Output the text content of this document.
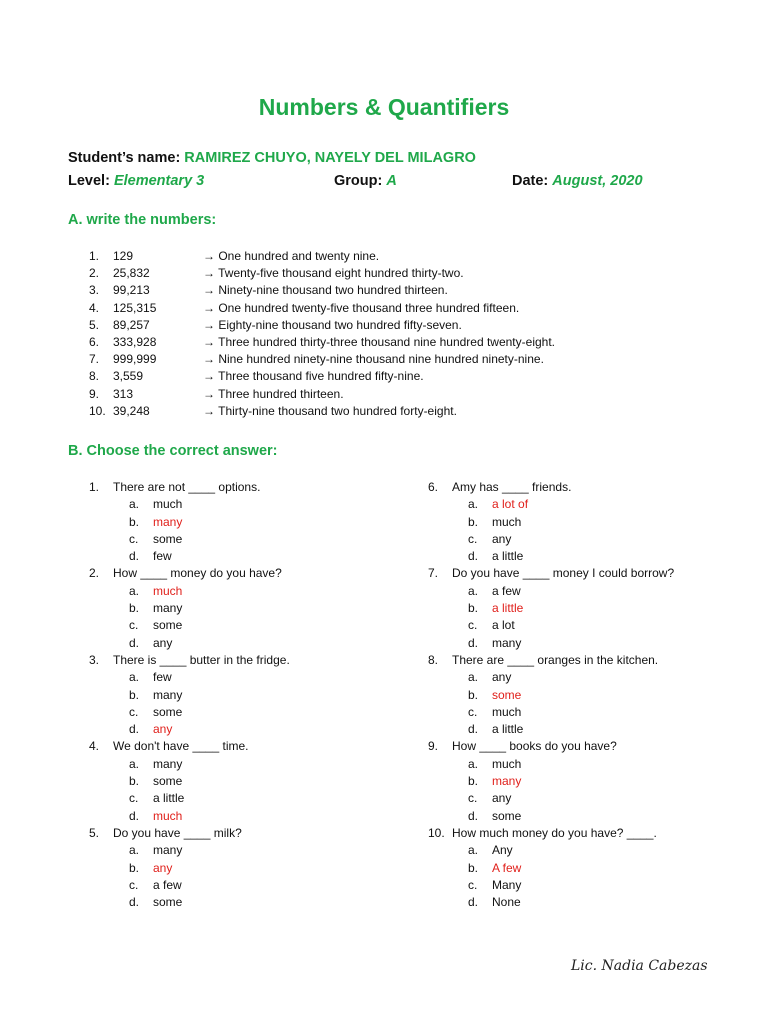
Numbers & Quantifiers
Student’s name: RAMIREZ CHUYO, NAYELY DEL MILAGRO
Level: Elementary 3	Group: A	Date: August, 2020
A. write the numbers:
1. 129	→ One hundred and twenty nine.
2. 25,832	→ Twenty-five thousand eight hundred thirty-two.
3. 99,213	→ Ninety-nine thousand two hundred thirteen.
4. 125,315	→ One hundred twenty-five thousand three hundred fifteen.
5. 89,257	→ Eighty-nine thousand two hundred fifty-seven.
6. 333,928	→ Three hundred thirty-three thousand nine hundred twenty-eight.
7. 999,999	→ Nine hundred ninety-nine thousand nine hundred ninety-nine.
8. 3,559	→ Three thousand five hundred fifty-nine.
9. 313	→ Three hundred thirteen.
10. 39,248	→ Thirty-nine thousand two hundred forty-eight.
B. Choose the correct answer:
1. There are not ____ options.
a. much
b. many
c. some
d. few
2. How ____ money do you have?
a. much
b. many
c. some
d. any
3. There is ____ butter in the fridge.
a. few
b. many
c. some
d. any
4. We don't have ____ time.
a. many
b. some
c. a little
d. much
5. Do you have ____ milk?
a. many
b. any
c. a few
d. some
6. Amy has ____ friends.
a. a lot of
b. much
c. any
d. a little
7. Do you have ____ money I could borrow?
a. a few
b. a little
c. a lot
d. many
8. There are ____ oranges in the kitchen.
a. any
b. some
c. much
d. a little
9. How ____ books do you have?
a. much
b. many
c. any
d. some
10. How much money do you have? ____.
a. Any
b. A few
c. Many
d. None
Lic. Nadia Cabezas
